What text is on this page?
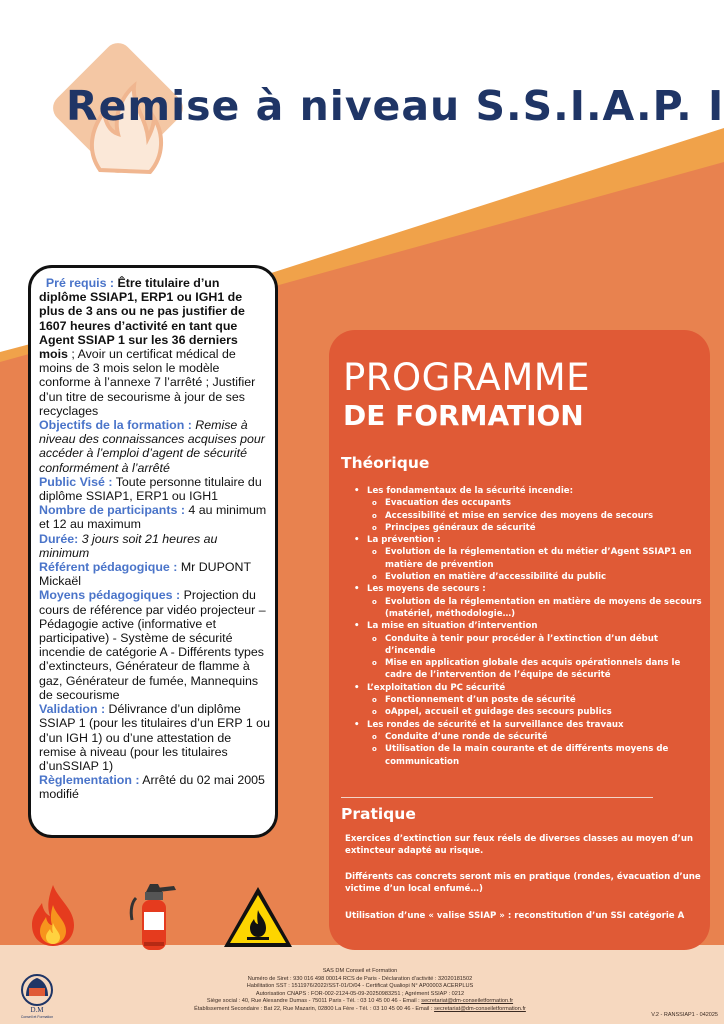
Remise à niveau S.S.I.A.P. I

Pré requis : Être titulaire d’un diplôme SSIAP1, ERP1 ou IGH1 de plus de 3 ans ou ne pas justifier de 1607 heures d’activité en tant que Agent SSIAP 1 sur les 36 derniers mois ; Avoir un certificat médical de moins de 3 mois selon le modèle conforme à l’annexe 7 l’arrêté ; Justifier d’un titre de secourisme à jour de ses recyclages

Objectifs de la formation : Remise à niveau des connaissances acquises pour accéder à l’emploi d’agent de sécurité conformément à l’arrêté

Public Visé : Toute personne titulaire du diplôme SSIAP1, ERP1 ou IGH1

Nombre de participants : 4 au minimum et 12 au maximum

Durée: 3 jours soit 21 heures au minimum

Référent pédagogique : Mr DUPONT Mickaël

Moyens pédagogiques : Projection du cours de référence par vidéo projecteur – Pédagogie active (informative et participative) - Système de sécurité incendie de catégorie A - Différents types d’extincteurs, Générateur de flamme à gaz, Générateur de fumée, Mannequins de secourisme

Validation : Délivrance d’un diplôme SSIAP 1 (pour les titulaires d’un ERP 1 ou d’un IGH 1) ou d’une attestation de remise à niveau (pour les titulaires d’unSSIAP 1)

Règlementation : Arrêté du 02 mai 2005 modifié

PROGRAMME
DE FORMATION
Théorique
• Les fondamentaux de la sécurité incendie:
o Evacuation des occupants
o Accessibilité et mise en service des moyens de secours
o Principes généraux de sécurité
• La prévention :
o Evolution de la réglementation et du métier d’Agent SSIAP1 en matière de prévention
o Evolution en matière d’accessibilité du public
• Les moyens de secours :
o Evolution de la réglementation en matière de moyens de secours (matériel, méthodologie…)
• La mise en situation d’intervention
o Conduite à tenir pour procéder à l’extinction d’un début d’incendie
o Mise en application globale des acquis opérationnels dans le cadre de l’intervention de l’équipe de sécurité
• L’exploitation du PC sécurité
o Fonctionnement d’un poste de sécurité
o oAppel, accueil et guidage des secours publics
• Les rondes de sécurité et la surveillance des travaux
o Conduite d’une ronde de sécurité
o Utilisation de la main courante et de différents moyens de communication
Pratique
Exercices d’extinction sur feux réels de diverses classes au moyen d’un extincteur adapté au risque.
Différents cas concrets seront mis en pratique (rondes, évacuation d’une victime d’un local enfumé…)
Utilisation d’une « valise SSIAP » : reconstitution d’un SSI catégorie A
D.M
Conseil et Formation
SAS DM Conseil et Formation
Numéro de Siret : 930 016 498 00014 RCS de Paris - Déclaration d’activité : 32020181502
Habilitation SST : 1511976/2022/SST-01/O/04 - Certificat Qualiopi N° AP00003 ACERPLUS
Autorisation CNAPS : FOR-002-2124-05-09-20250983251 ; Agrément SSIAP : 0212
Siège social : 40, Rue Alexandre Dumas - 75011 Paris - Tél. : 03 10 45 00 46 - Email : secretariat@dm-conseiletformation.fr
Établissement Secondaire : Bat 22, Rue Mazarin, 02800 La Fère - Tél. : 03 10 45 00 46 - Email : secretariat@dm-conseiletformation.fr
V.2 - RANSSIAP1 - 042025
